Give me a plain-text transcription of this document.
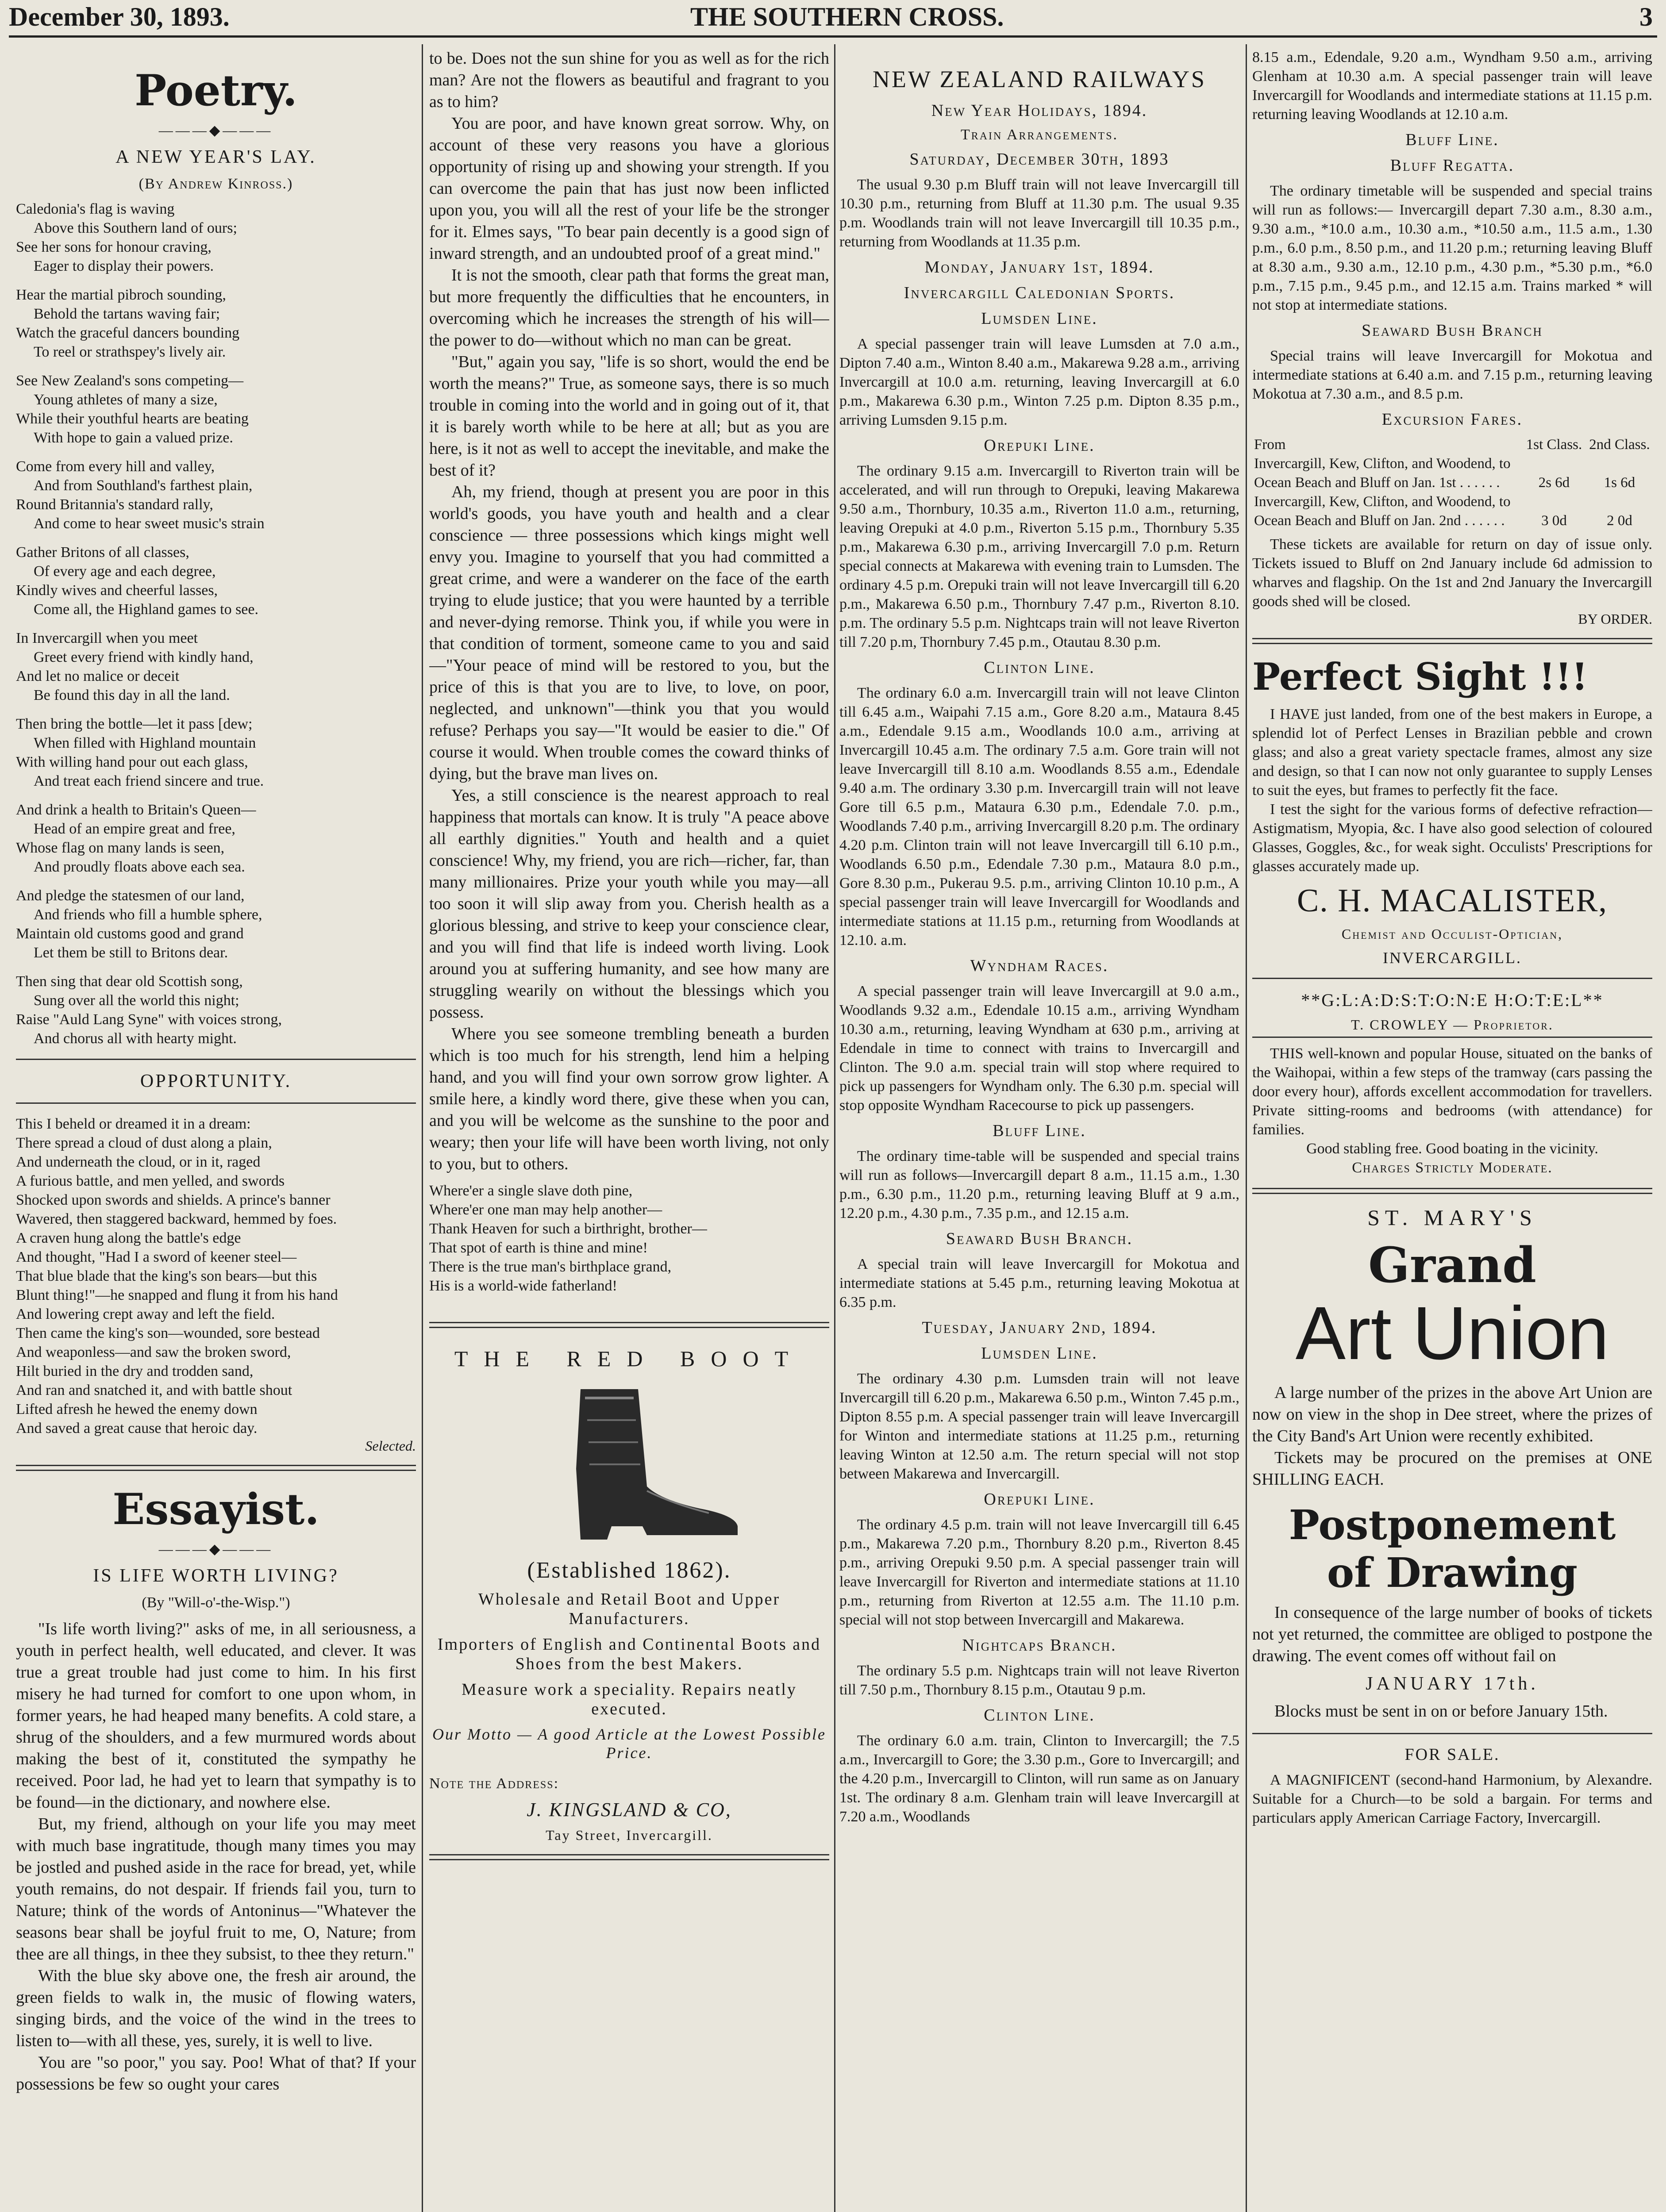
December 30, 1893.	THE SOUTHERN CROSS.	3
Poetry.
———◆———
A NEW YEAR'S LAY.
(By Andrew Kinross.)
Caledonia's flag is waving
Above this Southern land of ours;
See her sons for honour craving,
Eager to display their powers.
Hear the martial pibroch sounding,
Behold the tartans waving fair;
Watch the graceful dancers bounding
To reel or strathspey's lively air.
See New Zealand's sons competing—
Young athletes of many a size,
While their youthful hearts are beating
With hope to gain a valued prize.
Come from every hill and valley,
And from Southland's farthest plain,
Round Britannia's standard rally,
And come to hear sweet music's strain
Gather Britons of all classes,
Of every age and each degree,
Kindly wives and cheerful lasses,
Come all, the Highland games to see.
In Invercargill when you meet
Greet every friend with kindly hand,
And let no malice or deceit
Be found this day in all the land.
Then bring the bottle—let it pass [dew;
When filled with Highland mountain
With willing hand pour out each glass,
And treat each friend sincere and true.
And drink a health to Britain's Queen—
Head of an empire great and free,
Whose flag on many lands is seen,
And proudly floats above each sea.
And pledge the statesmen of our land,
And friends who fill a humble sphere,
Maintain old customs good and grand
Let them be still to Britons dear.
Then sing that dear old Scottish song,
Sung over all the world this night;
Raise "Auld Lang Syne" with voices strong,
And chorus all with hearty might.
OPPORTUNITY.
This I beheld or dreamed it in a dream:
There spread a cloud of dust along a plain,
And underneath the cloud, or in it, raged
A furious battle, and men yelled, and swords
Shocked upon swords and shields. A prince's banner
Wavered, then staggered backward, hemmed by foes.
A craven hung along the battle's edge
And thought, "Had I a sword of keener steel—
That blue blade that the king's son bears—but this
Blunt thing!"—he snapped and flung it from his hand
And lowering crept away and left the field.
Then came the king's son—wounded, sore bestead
And weaponless—and saw the broken sword,
Hilt buried in the dry and trodden sand,
And ran and snatched it, and with battle shout
Lifted afresh he hewed the enemy down
And saved a great cause that heroic day.
Selected.
Essayist.
———◆———
IS LIFE WORTH LIVING?
(By "Will-o'-the-Wisp.")

"Is life worth living?" asks of me, in all seriousness, a youth in perfect health, well educated, and clever. It was true a great trouble had just come to him. In his first misery he had turned for comfort to one upon whom, in former years, he had heaped many benefits. A cold stare, a shrug of the shoulders, and a few murmured words about making the best of it, constituted the sympathy he received. Poor lad, he had yet to learn that sympathy is to be found—in the dictionary, and nowhere else.

But, my friend, although on your life you may meet with much base ingratitude, though many times you may be jostled and pushed aside in the race for bread, yet, while youth remains, do not despair. If friends fail you, turn to Nature; think of the words of Antoninus—"Whatever the seasons bear shall be joyful fruit to me, O, Nature; from thee are all things, in thee they subsist, to thee they return."

With the blue sky above one, the fresh air around, the green fields to walk in, the music of flowing waters, singing birds, and the voice of the wind in the trees to listen to—with all these, yes, surely, it is well to live.

You are "so poor," you say. Poo! What of that? If your possessions be few so ought your cares

to be. Does not the sun shine for you as well as for the rich man? Are not the flowers as beautiful and fragrant to you as to him?

You are poor, and have known great sorrow. Why, on account of these very reasons you have a glorious opportunity of rising up and showing your strength. If you can overcome the pain that has just now been inflicted upon you, you will all the rest of your life be the stronger for it. Elmes says, "To bear pain decently is a good sign of inward strength, and an undoubted proof of a great mind."

It is not the smooth, clear path that forms the great man, but more frequently the difficulties that he encounters, in overcoming which he increases the strength of his will—the power to do—without which no man can be great.

"But," again you say, "life is so short, would the end be worth the means?" True, as someone says, there is so much trouble in coming into the world and in going out of it, that it is barely worth while to be here at all; but as you are here, is it not as well to accept the inevitable, and make the best of it?

Ah, my friend, though at present you are poor in this world's goods, you have youth and health and a clear conscience — three possessions which kings might well envy you. Imagine to yourself that you had committed a great crime, and were a wanderer on the face of the earth trying to elude justice; that you were haunted by a terrible and never-dying remorse. Think you, if while you were in that condition of torment, someone came to you and said—"Your peace of mind will be restored to you, but the price of this is that you are to live, to love, on poor, neglected, and unknown"—think you that you would refuse? Perhaps you say—"It would be easier to die." Of course it would. When trouble comes the coward thinks of dying, but the brave man lives on.

Yes, a still conscience is the nearest approach to real happiness that mortals can know. It is truly "A peace above all earthly dignities." Youth and health and a quiet conscience! Why, my friend, you are rich—richer, far, than many millionaires. Prize your youth while you may—all too soon it will slip away from you. Cherish health as a glorious blessing, and strive to keep your conscience clear, and you will find that life is indeed worth living. Look around you at suffering humanity, and see how many are struggling wearily on without the blessings which you possess.

Where you see someone trembling beneath a burden which is too much for his strength, lend him a helping hand, and you will find your own sorrow grow lighter. A smile here, a kindly word there, give these when you can, and you will be welcome as the sunshine to the poor and weary; then your life will have been worth living, not only to you, but to others.

Where'er a single slave doth pine,
Where'er one man may help another—
Thank Heaven for such a birthright, brother—
That spot of earth is thine and mine!
There is the true man's birthplace grand,
His is a world-wide fatherland!
THE RED BOOT
(Established 1862).
Wholesale and Retail Boot and Upper Manufacturers.
Importers of English and Continental Boots and Shoes from the best Makers.
Measure work a speciality. Repairs neatly executed.
Our Motto — A good Article at the Lowest Possible Price.
Note the Address:
J. KINGSLAND & CO,
Tay Street, Invercargill.
NEW ZEALAND RAILWAYS
New Year Holidays, 1894.
Train Arrangements.
Saturday, December 30th, 1893

The usual 9.30 p.m Bluff train will not leave Invercargill till 10.30 p.m., returning from Bluff at 11.30 p.m. The usual 9.35 p.m. Woodlands train will not leave Invercargill till 10.35 p.m., returning from Woodlands at 11.35 p.m.

Monday, January 1st, 1894.
Invercargill Caledonian Sports.
Lumsden Line.

A special passenger train will leave Lumsden at 7.0 a.m., Dipton 7.40 a.m., Winton 8.40 a.m., Makarewa 9.28 a.m., arriving Invercargill at 10.0 a.m. returning, leaving Invercargill at 6.0 p.m., Makarewa 6.30 p.m., Winton 7.25 p.m. Dipton 8.35 p.m., arriving Lumsden 9.15 p.m.

Orepuki Line.

The ordinary 9.15 a.m. Invercargill to Riverton train will be accelerated, and will run through to Orepuki, leaving Makarewa 9.50 a.m., Thornbury, 10.35 a.m., Riverton 11.0 a.m., returning, leaving Orepuki at 4.0 p.m., Riverton 5.15 p.m., Thornbury 5.35 p.m., Makarewa 6.30 p.m., arriving Invercargill 7.0 p.m. Return special connects at Makarewa with evening train to Lumsden. The ordinary 4.5 p.m. Orepuki train will not leave Invercargill till 6.20 p.m., Makarewa 6.50 p.m., Thornbury 7.47 p.m., Riverton 8.10. p.m. The ordinary 5.5 p.m. Nightcaps train will not leave Riverton till 7.20 p.m, Thornbury 7.45 p.m., Otautau 8.30 p.m.

Clinton Line.

The ordinary 6.0 a.m. Invercargill train will not leave Clinton till 6.45 a.m., Waipahi 7.15 a.m., Gore 8.20 a.m., Mataura 8.45 a.m., Edendale 9.15 a.m., Woodlands 10.0 a.m., arriving at Invercargill 10.45 a.m. The ordinary 7.5 a.m. Gore train will not leave Invercargill till 8.10 a.m. Woodlands 8.55 a.m., Edendale 9.40 a.m. The ordinary 3.30 p.m. Invercargill train will not leave Gore till 6.5 p.m., Mataura 6.30 p.m., Edendale 7.0. p.m., Woodlands 7.40 p.m., arriving Invercargill 8.20 p.m. The ordinary 4.20 p.m. Clinton train will not leave Invercargill till 6.10 p.m., Woodlands 6.50 p.m., Edendale 7.30 p.m., Mataura 8.0 p.m., Gore 8.30 p.m., Pukerau 9.5. p.m., arriving Clinton 10.10 p.m., A special passenger train will leave Invercargill for Woodlands and intermediate stations at 11.15 p.m., returning from Woodlands at 12.10. a.m.

Wyndham Races.

A special passenger train will leave Invercargill at 9.0 a.m., Woodlands 9.32 a.m., Edendale 10.15 a.m., arriving Wyndham 10.30 a.m., returning, leaving Wyndham at 630 p.m., arriving at Edendale in time to connect with trains to Invercargill and Clinton. The 9.0 a.m. special train will stop where required to pick up passengers for Wyndham only. The 6.30 p.m. special will stop opposite Wyndham Racecourse to pick up passengers.

Bluff Line.

The ordinary time-table will be suspended and special trains will run as follows—Invercargill depart 8 a.m., 11.15 a.m., 1.30 p.m., 6.30 p.m., 11.20 p.m., returning leaving Bluff at 9 a.m., 12.20 p.m., 4.30 p.m., 7.35 p.m., and 12.15 a.m.

Seaward Bush Branch.

A special train will leave Invercargill for Mokotua and intermediate stations at 5.45 p.m., returning leaving Mokotua at 6.35 p.m.

Tuesday, January 2nd, 1894.
Lumsden Line.

The ordinary 4.30 p.m. Lumsden train will not leave Invercargill till 6.20 p.m., Makarewa 6.50 p.m., Winton 7.45 p.m., Dipton 8.55 p.m. A special passenger train will leave Invercargill for Winton and intermediate stations at 11.25 p.m., returning leaving Winton at 12.50 a.m. The return special will not stop between Makarewa and Invercargill.

Orepuki Line.

The ordinary 4.5 p.m. train will not leave Invercargill till 6.45 p.m., Makarewa 7.20 p.m., Thornbury 8.20 p.m., Riverton 8.45 p.m., arriving Orepuki 9.50 p.m. A special passenger train will leave Invercargill for Riverton and intermediate stations at 11.10 p.m., returning from Riverton at 12.55 a.m. The 11.10 p.m. special will not stop between Invercargill and Makarewa.

Nightcaps Branch.

The ordinary 5.5 p.m. Nightcaps train will not leave Riverton till 7.50 p.m., Thornbury 8.15 p.m., Otautau 9 p.m.

Clinton Line.

The ordinary 6.0 a.m. train, Clinton to Invercargill; the 7.5 a.m., Invercargill to Gore; the 3.30 p.m., Gore to Invercargill; and the 4.20 p.m., Invercargill to Clinton, will run same as on January 1st. The ordinary 8 a.m. Glenham train will leave Invercargill at 7.20 a.m., Woodlands

8.15 a.m., Edendale, 9.20 a.m., Wyndham 9.50 a.m., arriving Glenham at 10.30 a.m. A special passenger train will leave Invercargill for Woodlands and intermediate stations at 11.15 p.m. returning leaving Woodlands at 12.10 a.m.

Bluff Line.
Bluff Regatta.

The ordinary timetable will be suspended and special trains will run as follows:— Invercargill depart 7.30 a.m., 8.30 a.m., 9.30 a.m., *10.0 a.m., 10.30 a.m., *10.50 a.m., 11.5 a.m., 1.30 p.m., 6.0 p.m., 8.50 p.m., and 11.20 p.m.; returning leaving Bluff at 8.30 a.m., 9.30 a.m., 12.10 p.m., 4.30 p.m., *5.30 p.m., *6.0 p.m., 7.15 p.m., 9.45 p.m., and 12.15 a.m. Trains marked * will not stop at intermediate stations.

Seaward Bush Branch

Special trains will leave Invercargill for Mokotua and intermediate stations at 6.40 a.m. and 7.15 p.m., returning leaving Mokotua at 7.30 a.m., and 8.5 p.m.

Excursion Fares.
From	1st Class.	2nd Class.
Invercargill, Kew, Clifton, and Woodend, to Ocean Beach and Bluff on Jan. 1st . . . . . .	2s 6d	1s 6d
Invercargill, Kew, Clifton, and Woodend, to Ocean Beach and Bluff on Jan. 2nd . . . . . .	3 0d	2 0d

These tickets are available for return on day of issue only. Tickets issued to Bluff on 2nd January include 6d admission to wharves and flagship. On the 1st and 2nd January the Invercargill goods shed will be closed.

BY ORDER.
Perfect Sight !!!

I HAVE just landed, from one of the best makers in Europe, a splendid lot of Perfect Lenses in Brazilian pebble and crown glass; and also a great variety spectacle frames, almost any size and design, so that I can now not only guarantee to supply Lenses to suit the eyes, but frames to perfectly fit the face.

I test the sight for the various forms of defective refraction—Astigmatism, Myopia, &c. I have also good selection of coloured Glasses, Goggles, &c., for weak sight. Occulists' Prescriptions for glasses accurately made up.

C. H. MACALISTER,
Chemist and Occulist-Optician,
INVERCARGILL.
**G:L:A:D:S:T:O:N:E H:O:T:E:L**
T. CROWLEY — Proprietor.

THIS well-known and popular House, situated on the banks of the Waihopai, within a few steps of the tramway (cars passing the door every hour), affords excellent accommodation for travellers. Private sitting-rooms and bedrooms (with attendance) for families.

Good stabling free. Good boating in the vicinity.

Charges Strictly Moderate.

ST. MARY'S
Grand
Art Union

A large number of the prizes in the above Art Union are now on view in the shop in Dee street, where the prizes of the City Band's Art Union were recently exhibited.

Tickets may be procured on the premises at ONE SHILLING EACH.

Postponement
of Drawing

In consequence of the large number of books of tickets not yet returned, the committee are obliged to postpone the drawing. The event comes off without fail on

JANUARY 17th.

Blocks must be sent in on or before January 15th.

FOR SALE.

A MAGNIFICENT (second-hand Harmonium, by Alexandre. Suitable for a Church—to be sold a bargain. For terms and particulars apply American Carriage Factory, Invercargill.
